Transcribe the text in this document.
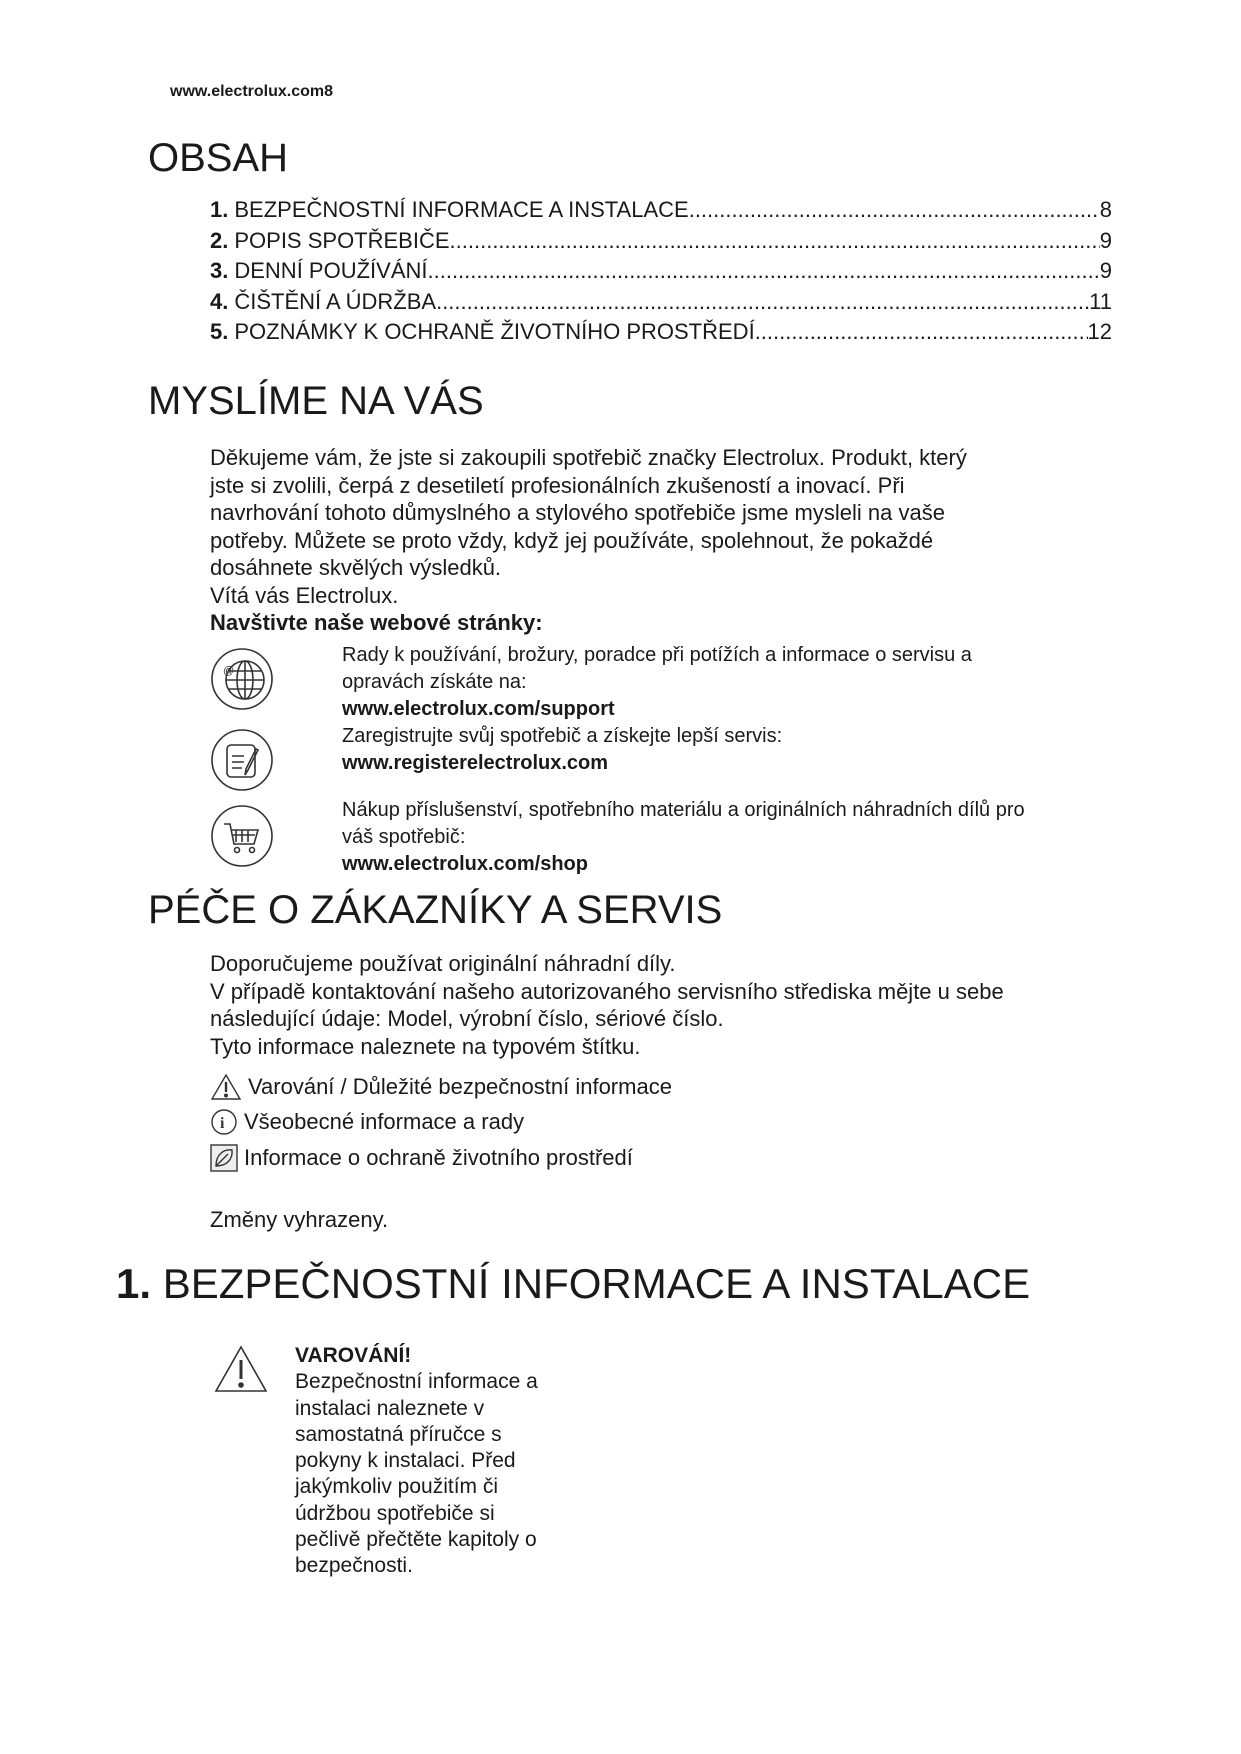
www.electrolux.com8
OBSAH
1. BEZPEČNOSTNÍ INFORMACE A INSTALACE .....	8
2. POPIS SPOTŘEBIČE .....	9
3. DENNÍ POUŽÍVÁNÍ .....	9
4. ČIŠTĚNÍ A ÚDRŽBA .....	11
5. POZNÁMKY K OCHRANĚ ŽIVOTNÍHO PROSTŘEDÍ .....	12
MYSLÍME NA VÁS
Děkujeme vám, že jste si zakoupili spotřebič značky Electrolux. Produkt, který
jste si zvolili, čerpá z desetiletí profesionálních zkušeností a inovací. Při
navrhování tohoto důmyslného a stylového spotřebiče jsme mysleli na vaše
potřeby. Můžete se proto vždy, když jej používáte, spolehnout, že pokaždé
dosáhnete skvělých výsledků.
Vítá vás Electrolux.
Navštivte naše webové stránky:
@
Rady k používání, brožury, poradce při potížích a informace o servisu a
opravách získáte na:
www.electrolux.com/support
Zaregistrujte svůj spotřebič a získejte lepší servis:
www.registerelectrolux.com
Nákup příslušenství, spotřebního materiálu a originálních náhradních dílů pro
váš spotřebič:
www.electrolux.com/shop
PÉČE O ZÁKAZNÍKY A SERVIS
Doporučujeme používat originální náhradní díly.
V případě kontaktování našeho autorizovaného servisního střediska mějte u sebe
následující údaje: Model, výrobní číslo, sériové číslo.
Tyto informace naleznete na typovém štítku.
Varování / Důležité bezpečnostní informace
i Všeobecné informace a rady
Informace o ochraně životního prostředí
Změny vyhrazeny.
1. BEZPEČNOSTNÍ INFORMACE A INSTALACE
VAROVÁNÍ!
Bezpečnostní informace a
instalaci naleznete v
samostatná příručce s
pokyny k instalaci. Před
jakýmkoliv použitím či
údržbou spotřebiče si
pečlivě přečtěte kapitoly o
bezpečnosti.
